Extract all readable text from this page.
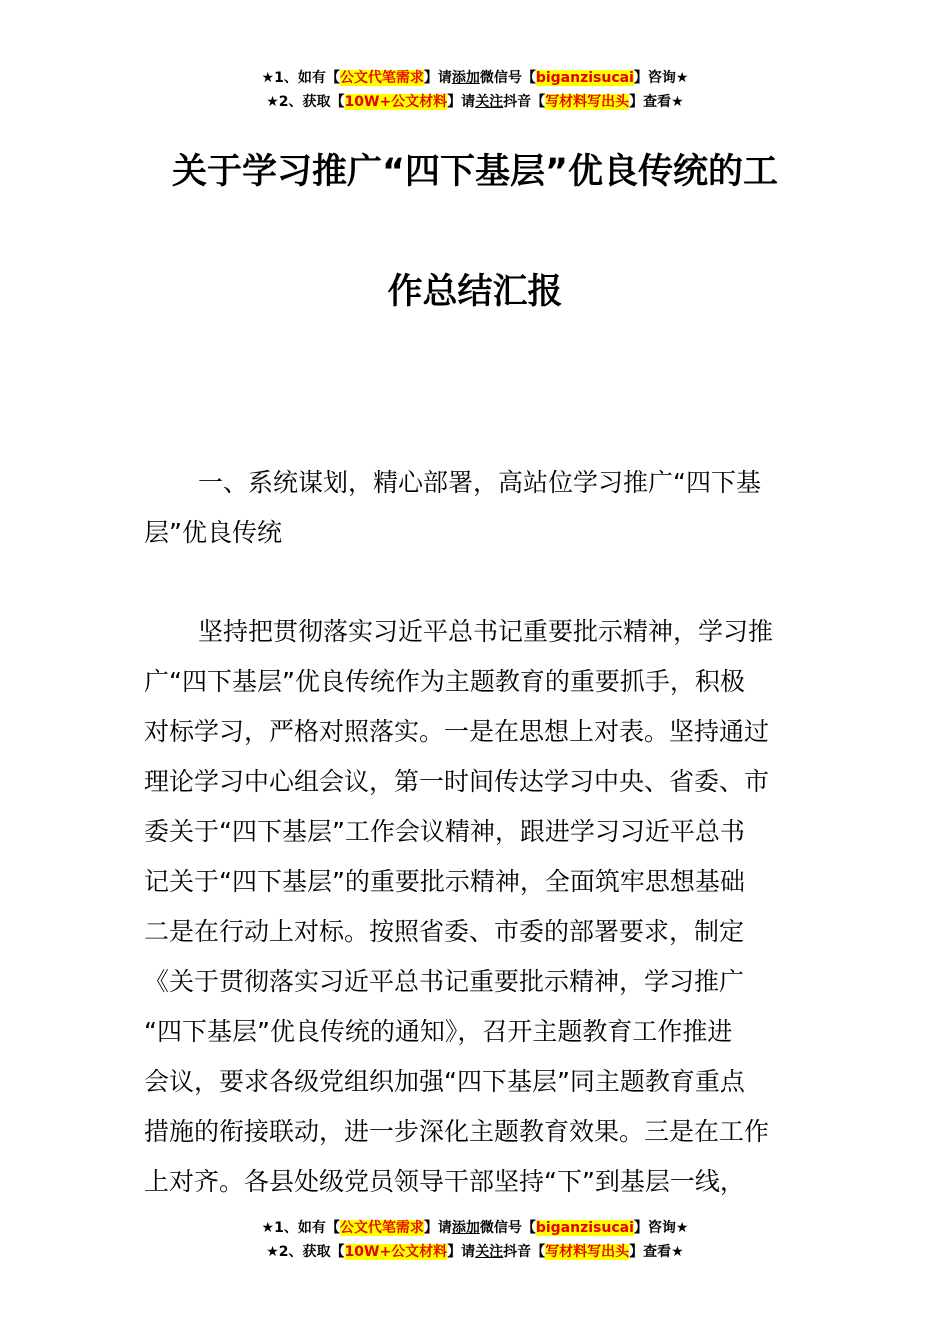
★1、如有【公文代笔需求】请添加微信号【biganzisucai】咨询★
★2、获取【10W+公文材料】请关注抖音【写材料写出头】查看★
关于学习推广“四下基层”优良传统的工
作总结汇报
一、系统谋划，精心部署，高站位学习推广“四下基
层”优良传统
坚持把贯彻落实习近平总书记重要批示精神，学习推
广“四下基层”优良传统作为主题教育的重要抓手，积极
对标学习，严格对照落实。一是在思想上对表。坚持通过
理论学习中心组会议，第一时间传达学习中央、省委、市
委关于“四下基层”工作会议精神，跟进学习习近平总书
记关于“四下基层”的重要批示精神，全面筑牢思想基础
二是在行动上对标。按照省委、市委的部署要求，制定
《关于贯彻落实习近平总书记重要批示精神，学习推广
“四下基层”优良传统的通知》，召开主题教育工作推进
会议，要求各级党组织加强“四下基层”同主题教育重点
措施的衔接联动，进一步深化主题教育效果。三是在工作
上对齐。各县处级党员领导干部坚持“下”到基层一线，
★1、如有【公文代笔需求】请添加微信号【biganzisucai】咨询★
★2、获取【10W+公文材料】请关注抖音【写材料写出头】查看★
